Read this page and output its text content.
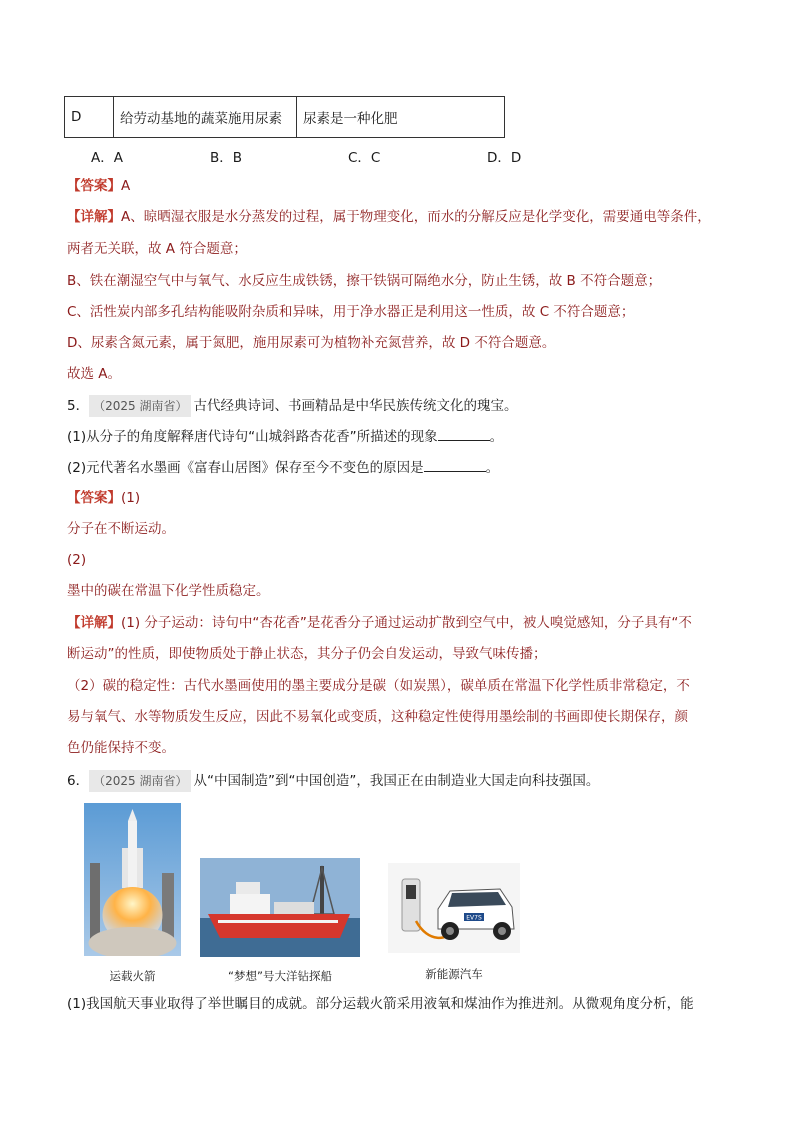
D	给劳动基地的蔬菜施用尿素	尿素是一种化肥
A．A	B．B	C．C	D．D
【答案】A
【详解】A、晾晒湿衣服是水分蒸发的过程，属于物理变化，而水的分解反应是化学变化，需要通电等条件，
两者无关联，故 A 符合题意；
B、铁在潮湿空气中与氧气、水反应生成铁锈，擦干铁锅可隔绝水分，防止生锈，故 B 不符合题意；
C、活性炭内部多孔结构能吸附杂质和异味，用于净水器正是利用这一性质，故 C 不符合题意；
D、尿素含氮元素，属于氮肥，施用尿素可为植物补充氮营养，故 D 不符合题意。
故选 A。
5． （2025 湖南省） 古代经典诗词、书画精品是中华民族传统文化的瑰宝。
(1)从分子的角度解释唐代诗句“山城斜路杏花香”所描述的现象	。
(2)元代著名水墨画《富春山居图》保存至今不变色的原因是	。
【答案】(1)
分子在不断运动。
(2)
墨中的碳在常温下化学性质稳定。
【详解】(1) 分子运动：诗句中“杏花香”是花香分子通过运动扩散到空气中，被人嗅觉感知，分子具有“不
断运动”的性质，即使物质处于静止状态，其分子仍会自发运动，导致气味传播；
（2）碳的稳定性：古代水墨画使用的墨主要成分是碳（如炭黑），碳单质在常温下化学性质非常稳定，不
易与氧气、水等物质发生反应，因此不易氧化或变质，这种稳定性使得用墨绘制的书画即使长期保存，颜
色仍能保持不变。
6． （2025 湖南省） 从“中国制造”到“中国创造”，我国正在由制造业大国走向科技强国。
运载火箭	“梦想”号大洋钻探船
EV7S
新能源汽车
(1)我国航天事业取得了举世瞩目的成就。部分运载火箭采用液氧和煤油作为推进剂。从微观角度分析，能
